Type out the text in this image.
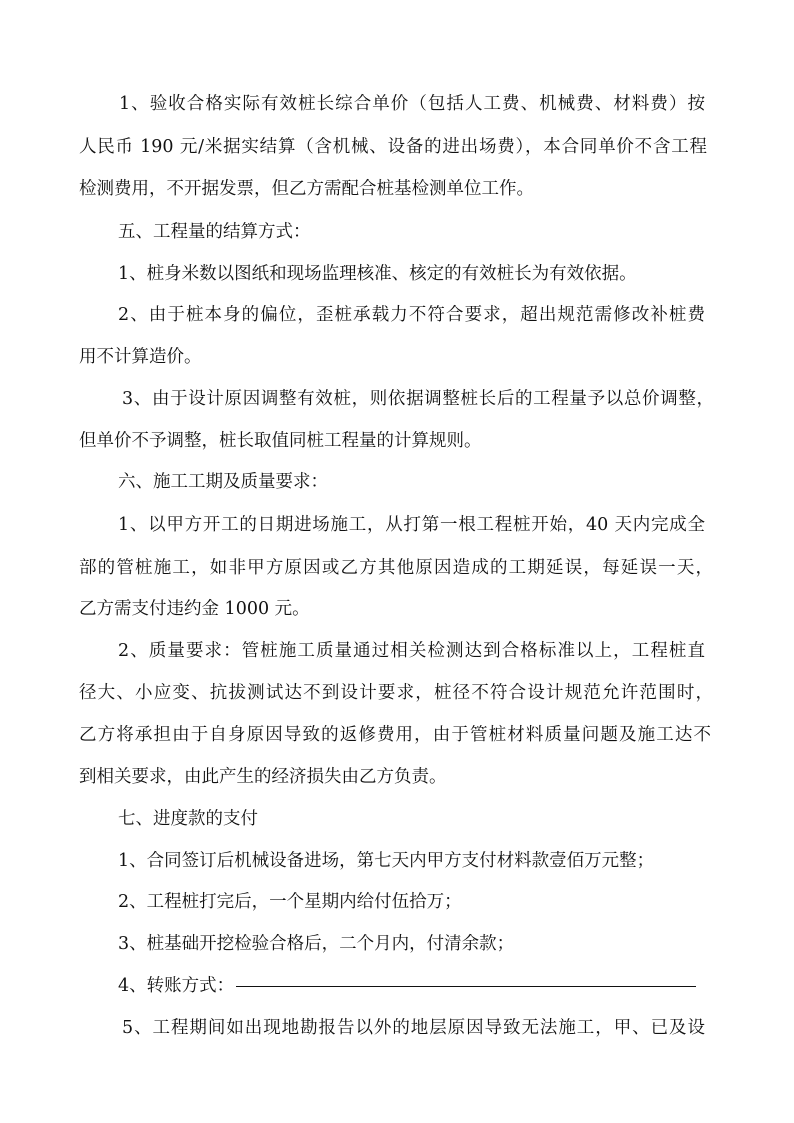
1、验收合格实际有效桩长综合单价（包括人工费、机械费、材料费）按
人民币 190 元/米据实结算（含机械、设备的进出场费），本合同单价不含工程
检测费用，不开据发票，但乙方需配合桩基检测单位工作。
五、工程量的结算方式：
1、桩身米数以图纸和现场监理核准、核定的有效桩长为有效依据。
2、由于桩本身的偏位，歪桩承载力不符合要求，超出规范需修改补桩费
用不计算造价。
3、由于设计原因调整有效桩，则依据调整桩长后的工程量予以总价调整，
但单价不予调整，桩长取值同桩工程量的计算规则。
六、施工工期及质量要求：
1、以甲方开工的日期进场施工，从打第一根工程桩开始，40 天内完成全
部的管桩施工，如非甲方原因或乙方其他原因造成的工期延误，每延误一天，
乙方需支付违约金 1000 元。
2、质量要求：管桩施工质量通过相关检测达到合格标准以上，工程桩直
径大、小应变、抗拔测试达不到设计要求，桩径不符合设计规范允许范围时，
乙方将承担由于自身原因导致的返修费用，由于管桩材料质量问题及施工达不
到相关要求，由此产生的经济损失由乙方负责。
七、进度款的支付
1、合同签订后机械设备进场，第七天内甲方支付材料款壹佰万元整；
2、工程桩打完后，一个星期内给付伍拾万；
3、桩基础开挖检验合格后，二个月内，付清余款；
4、转账方式：
5、工程期间如出现地勘报告以外的地层原因导致无法施工，甲、已及设
